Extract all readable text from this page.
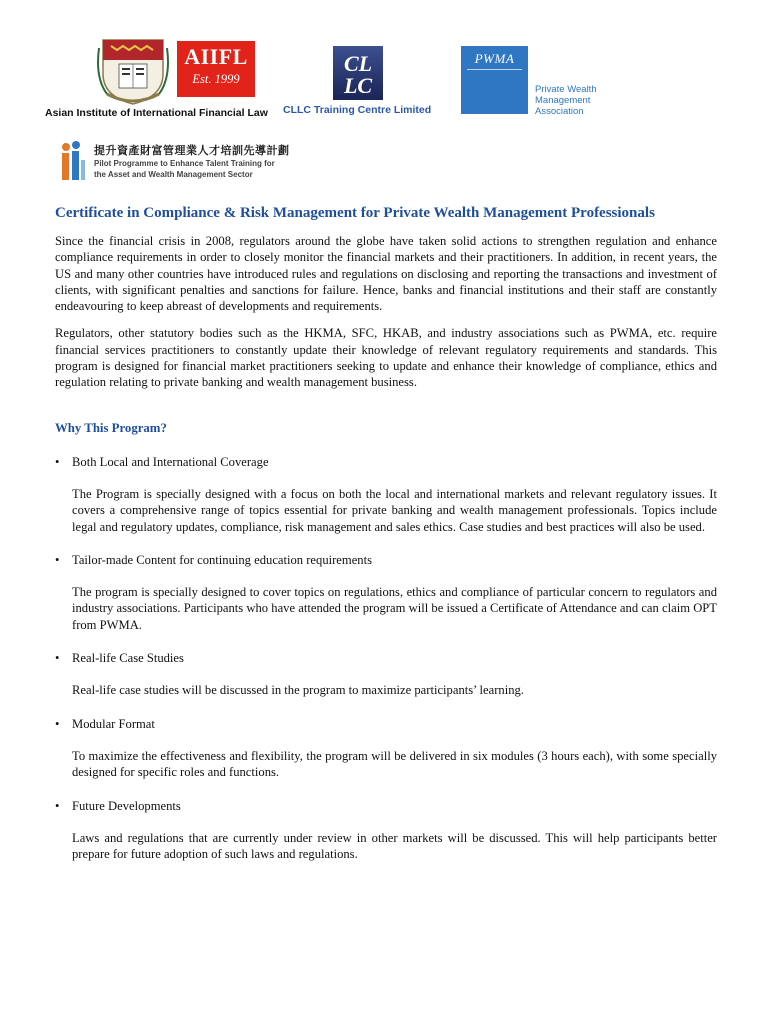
AIIFL
Est. 1999
Asian Institute of International Financial Law
CL
LC
CLLC Training Centre Limited
PWMA
Private Wealth
Management
Association
提升資產財富管理業人才培訓先導計劃
Pilot Programme to Enhance Talent Training for
the Asset and Wealth Management Sector
Certificate in Compliance & Risk Management for Private Wealth Management Professionals

Since the financial crisis in 2008, regulators around the globe have taken solid actions to strengthen regulation and enhance compliance requirements in order to closely monitor the financial markets and their practitioners. In addition, in recent years, the US and many other countries have introduced rules and regulations on disclosing and reporting the transactions and investment of clients, with significant penalties and sanctions for failure. Hence, banks and financial institutions and their staff are constantly endeavouring to keep abreast of developments and requirements.

Regulators, other statutory bodies such as the HKMA, SFC, HKAB, and industry associations such as PWMA, etc. require financial services practitioners to constantly update their knowledge of relevant regulatory requirements and standards. This program is designed for financial market practitioners seeking to update and enhance their knowledge of compliance, ethics and regulation relating to private banking and wealth management business.

Why This Program?
• Both Local and International Coverage

The Program is specially designed with a focus on both the local and international markets and relevant regulatory issues. It covers a comprehensive range of topics essential for private banking and wealth management professionals. Topics include legal and regulatory updates, compliance, risk management and sales ethics. Case studies and best practices will also be used.

• Tailor-made Content for continuing education requirements

The program is specially designed to cover topics on regulations, ethics and compliance of particular concern to regulators and industry associations. Participants who have attended the program will be issued a Certificate of Attendance and can claim OPT from PWMA.

• Real-life Case Studies

Real-life case studies will be discussed in the program to maximize participants’ learning.

• Modular Format

To maximize the effectiveness and flexibility, the program will be delivered in six modules (3 hours each), with some specially designed for specific roles and functions.

• Future Developments

Laws and regulations that are currently under review in other markets will be discussed. This will help participants better prepare for future adoption of such laws and regulations.
